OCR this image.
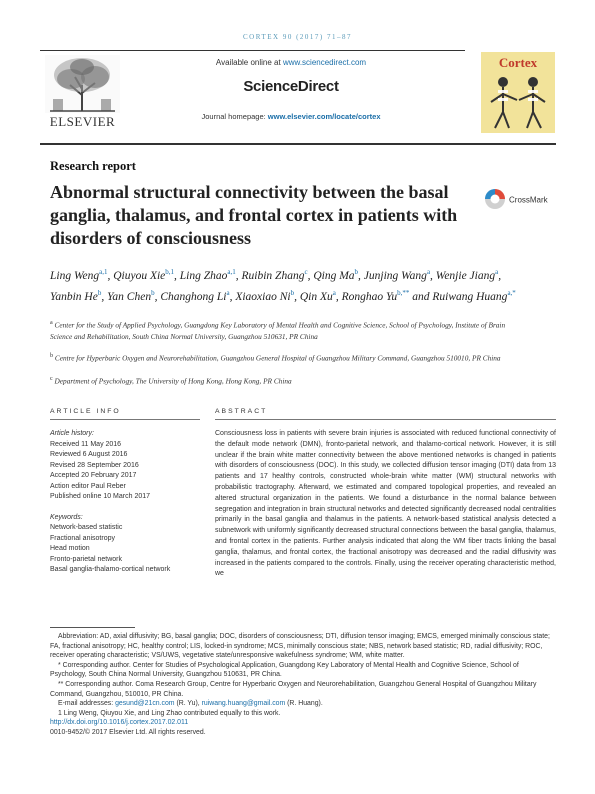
CORTEX 90 (2017) 71–87
ELSEVIER
Available online at www.sciencedirect.com
ScienceDirect
Journal homepage: www.elsevier.com/locate/cortex
Cortex
Research report
Abnormal structural connectivity between the basal ganglia, thalamus, and frontal cortex in patients with disorders of consciousness
CrossMark
Ling Weng$^{a,1}$, Qiuyou Xie$^{b,1}$, Ling Zhao$^{a,1}$, Ruibin Zhang$^c$, Qing Ma$^b$, Junjing Wang$^a$, Wenjie Jiang$^a$, Yanbin He$^b$, Yan Chen$^b$, Changhong Li$^a$, Xiaoxiao Ni$^b$, Qin Xu$^a$, Ronghao $Yu^{b,**}$ and Ruiwang Huang$^{a,*}$
$^a$ Center for the Study of Applied Psychology, Guangdong Key Laboratory of Mental Health and Cognitive Science, School of Psychology, Institute of Brain Science and Rehabilitation, South China Normal University, Guangzhou 510631, PR China
$^b$ Centre for Hyperbaric Oxygen and Neurorehabilitation, Guangzhou General Hospital of Guangzhou Military Command, Guangzhou 510010, PR China
$^c$ Department of Psychology, The University of Hong Kong, Hong Kong, PR China
ARTICLE INFO	ABSTRACT
Article history:
Received 11 May 2016
Reviewed 6 August 2016
Revised 28 September 2016
Accepted 20 February 2017
Action editor Paul Reber
Published online 10 March 2017
Keywords:
Network-based statistic
Fractional anisotropy
Head motion
Fronto-parietal network
Basal ganglia-thalamo-cortical network
Consciousness loss in patients with severe brain injuries is associated with reduced functional connectivity of the default mode network (DMN), fronto-parietal network, and thalamo-cortical network. However, it is still unclear if the brain white matter connectivity between the above mentioned networks is changed in patients with disorders of consciousness (DOC). In this study, we collected diffusion tensor imaging (DTI) data from 13 patients and 17 healthy controls, constructed whole-brain white matter (WM) structural networks with probabilistic tractography. Afterward, we estimated and compared topological properties, and revealed an altered structural organization in the patients. We found a disturbance in the normal balance between segregation and integration in brain structural networks and detected significantly decreased nodal centralities primarily in the basal ganglia and thalamus in the patients. A network-based statistical analysis detected a subnetwork with uniformly significantly decreased structural connections between the basal ganglia, thalamus, and frontal cortex in the patients. Further analysis indicated that along the WM fiber tracts linking the basal ganglia, thalamus, and frontal cortex, the fractional anisotropy was decreased and the radial diffusivity was increased in the patients compared to the controls. Finally, using the receiver operating characteristic method, we

Abbreviation: AD, axial diffusivity; BG, basal ganglia; DOC, disorders of consciousness; DTI, diffusion tensor imaging; EMCS, emerged minimally conscious state; FA, fractional anisotropy; HC, healthy control; LIS, locked-in syndrome; MCS, minimally conscious state; NBS, network based statistic; RD, radial diffusivity; ROC, receiver operating characteristic; VS/UWS, vegetative state/unresponsive wakefulness syndrome; WM, white matter.

* Corresponding author. Center for Studies of Psychological Application, Guangdong Key Laboratory of Mental Health and Cognitive Science, School of Psychology, South China Normal University, Guangzhou 510631, PR China.

** Corresponding author. Coma Research Group, Centre for Hyperbaric Oxygen and Neurorehabilitation, Guangzhou General Hospital of Guangzhou Military Command, Guangzhou, 510010, PR China.

E-mail addresses: gesund@21cn.com (R. Yu), ruiwang.huang@gmail.com (R. Huang).

1 Ling Weng, Qiuyou Xie, and Ling Zhao contributed equally to this work.

http://dx.doi.org/10.1016/j.cortex.2017.02.011

0010-9452/© 2017 Elsevier Ltd. All rights reserved.
